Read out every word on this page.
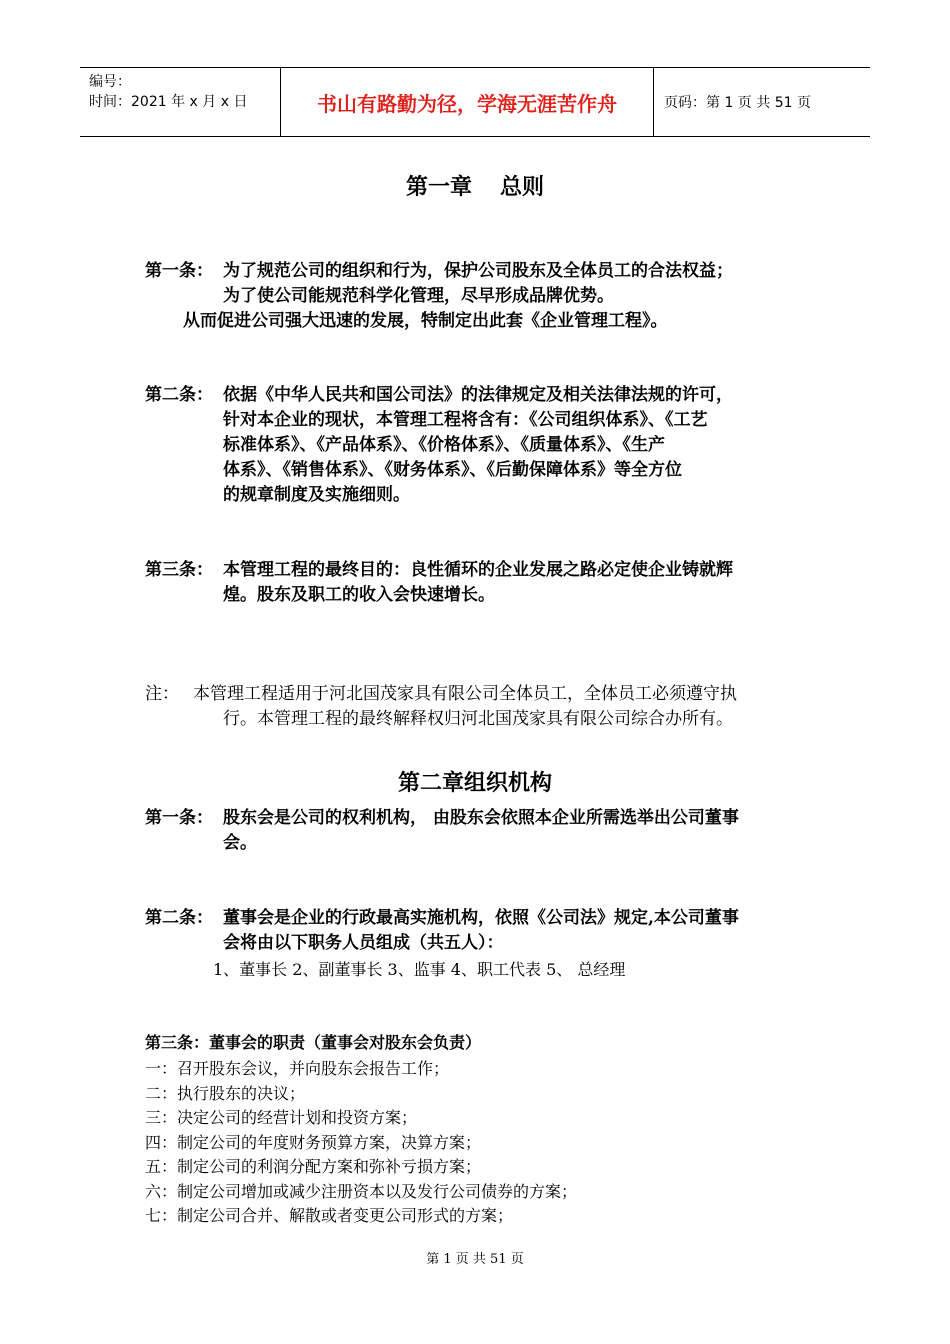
编号：
时间：2021 年 x 月 x 日	书山有路勤为径，学海无涯苦作舟	页码：第 1 页 共 51 页
第一章 总则
第一条： 为了规范公司的组织和行为，保护公司股东及全体员工的合法权益；
为了使公司能规范科学化管理，尽早形成品牌优势。
从而促进公司强大迅速的发展，特制定出此套《企业管理工程》。
第二条： 依据《中华人民共和国公司法》的法律规定及相关法律法规的许可，
针对本企业的现状，本管理工程将含有：《公司组织体系》、《工艺
标准体系》、《产品体系》、《价格体系》、《质量体系》、《生产
体系》、《销售体系》、《财务体系》、《后勤保障体系》等全方位
的规章制度及实施细则。
第三条： 本管理工程的最终目的：良性循环的企业发展之路必定使企业铸就辉
煌。股东及职工的收入会快速增长。
注： 本管理工程适用于河北国茂家具有限公司全体员工，全体员工必须遵守执
行。本管理工程的最终解释权归河北国茂家具有限公司综合办所有。
第二章组织机构
第一条： 股东会是公司的权利机构， 由股东会依照本企业所需选举出公司董事
会。
第二条： 董事会是企业的行政最高实施机构，依照《公司法》规定,本公司董事
会将由以下职务人员组成（共五人）：
1、董事长 2、副董事长 3、监事 4、职工代表 5、 总经理
第三条：董事会的职责（董事会对股东会负责）
一：召开股东会议，并向股东会报告工作；
二：执行股东的决议；
三：决定公司的经营计划和投资方案；
四：制定公司的年度财务预算方案，决算方案；
五：制定公司的利润分配方案和弥补亏损方案；
六：制定公司增加或减少注册资本以及发行公司债券的方案；
七：制定公司合并、解散或者变更公司形式的方案；
第 1 页 共 51 页
